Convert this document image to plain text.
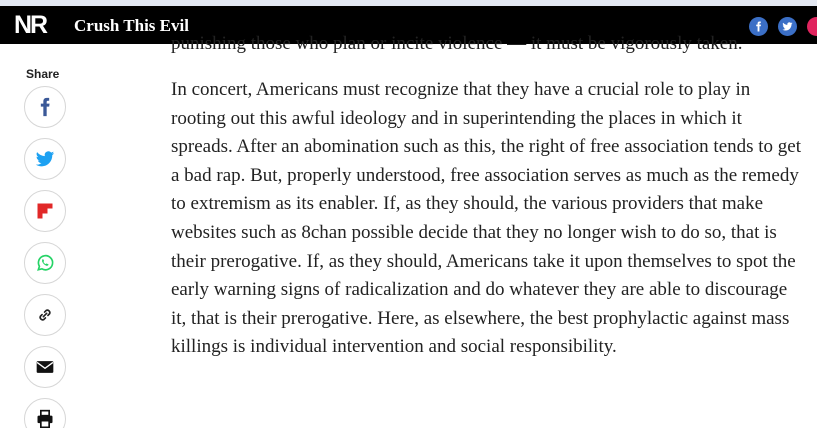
NR Crush This Evil
punishing those who plan or incite violence — it must be vigorously taken.
Share

In concert, Americans must recognize that they have a crucial role to play in rooting out this awful ideology and in superintending the places in which it spreads. After an abomination such as this, the right of free association tends to get a bad rap. But, properly understood, free association serves as much as the remedy to extremism as its enabler. If, as they should, the various providers that make websites such as 8chan possible decide that they no longer wish to do so, that is their prerogative. If, as they should, Americans take it upon themselves to spot the early warning signs of radicalization and do whatever they are able to discourage it, that is their prerogative. Here, as elsewhere, the best prophylactic against mass killings is individual intervention and social responsibility.
